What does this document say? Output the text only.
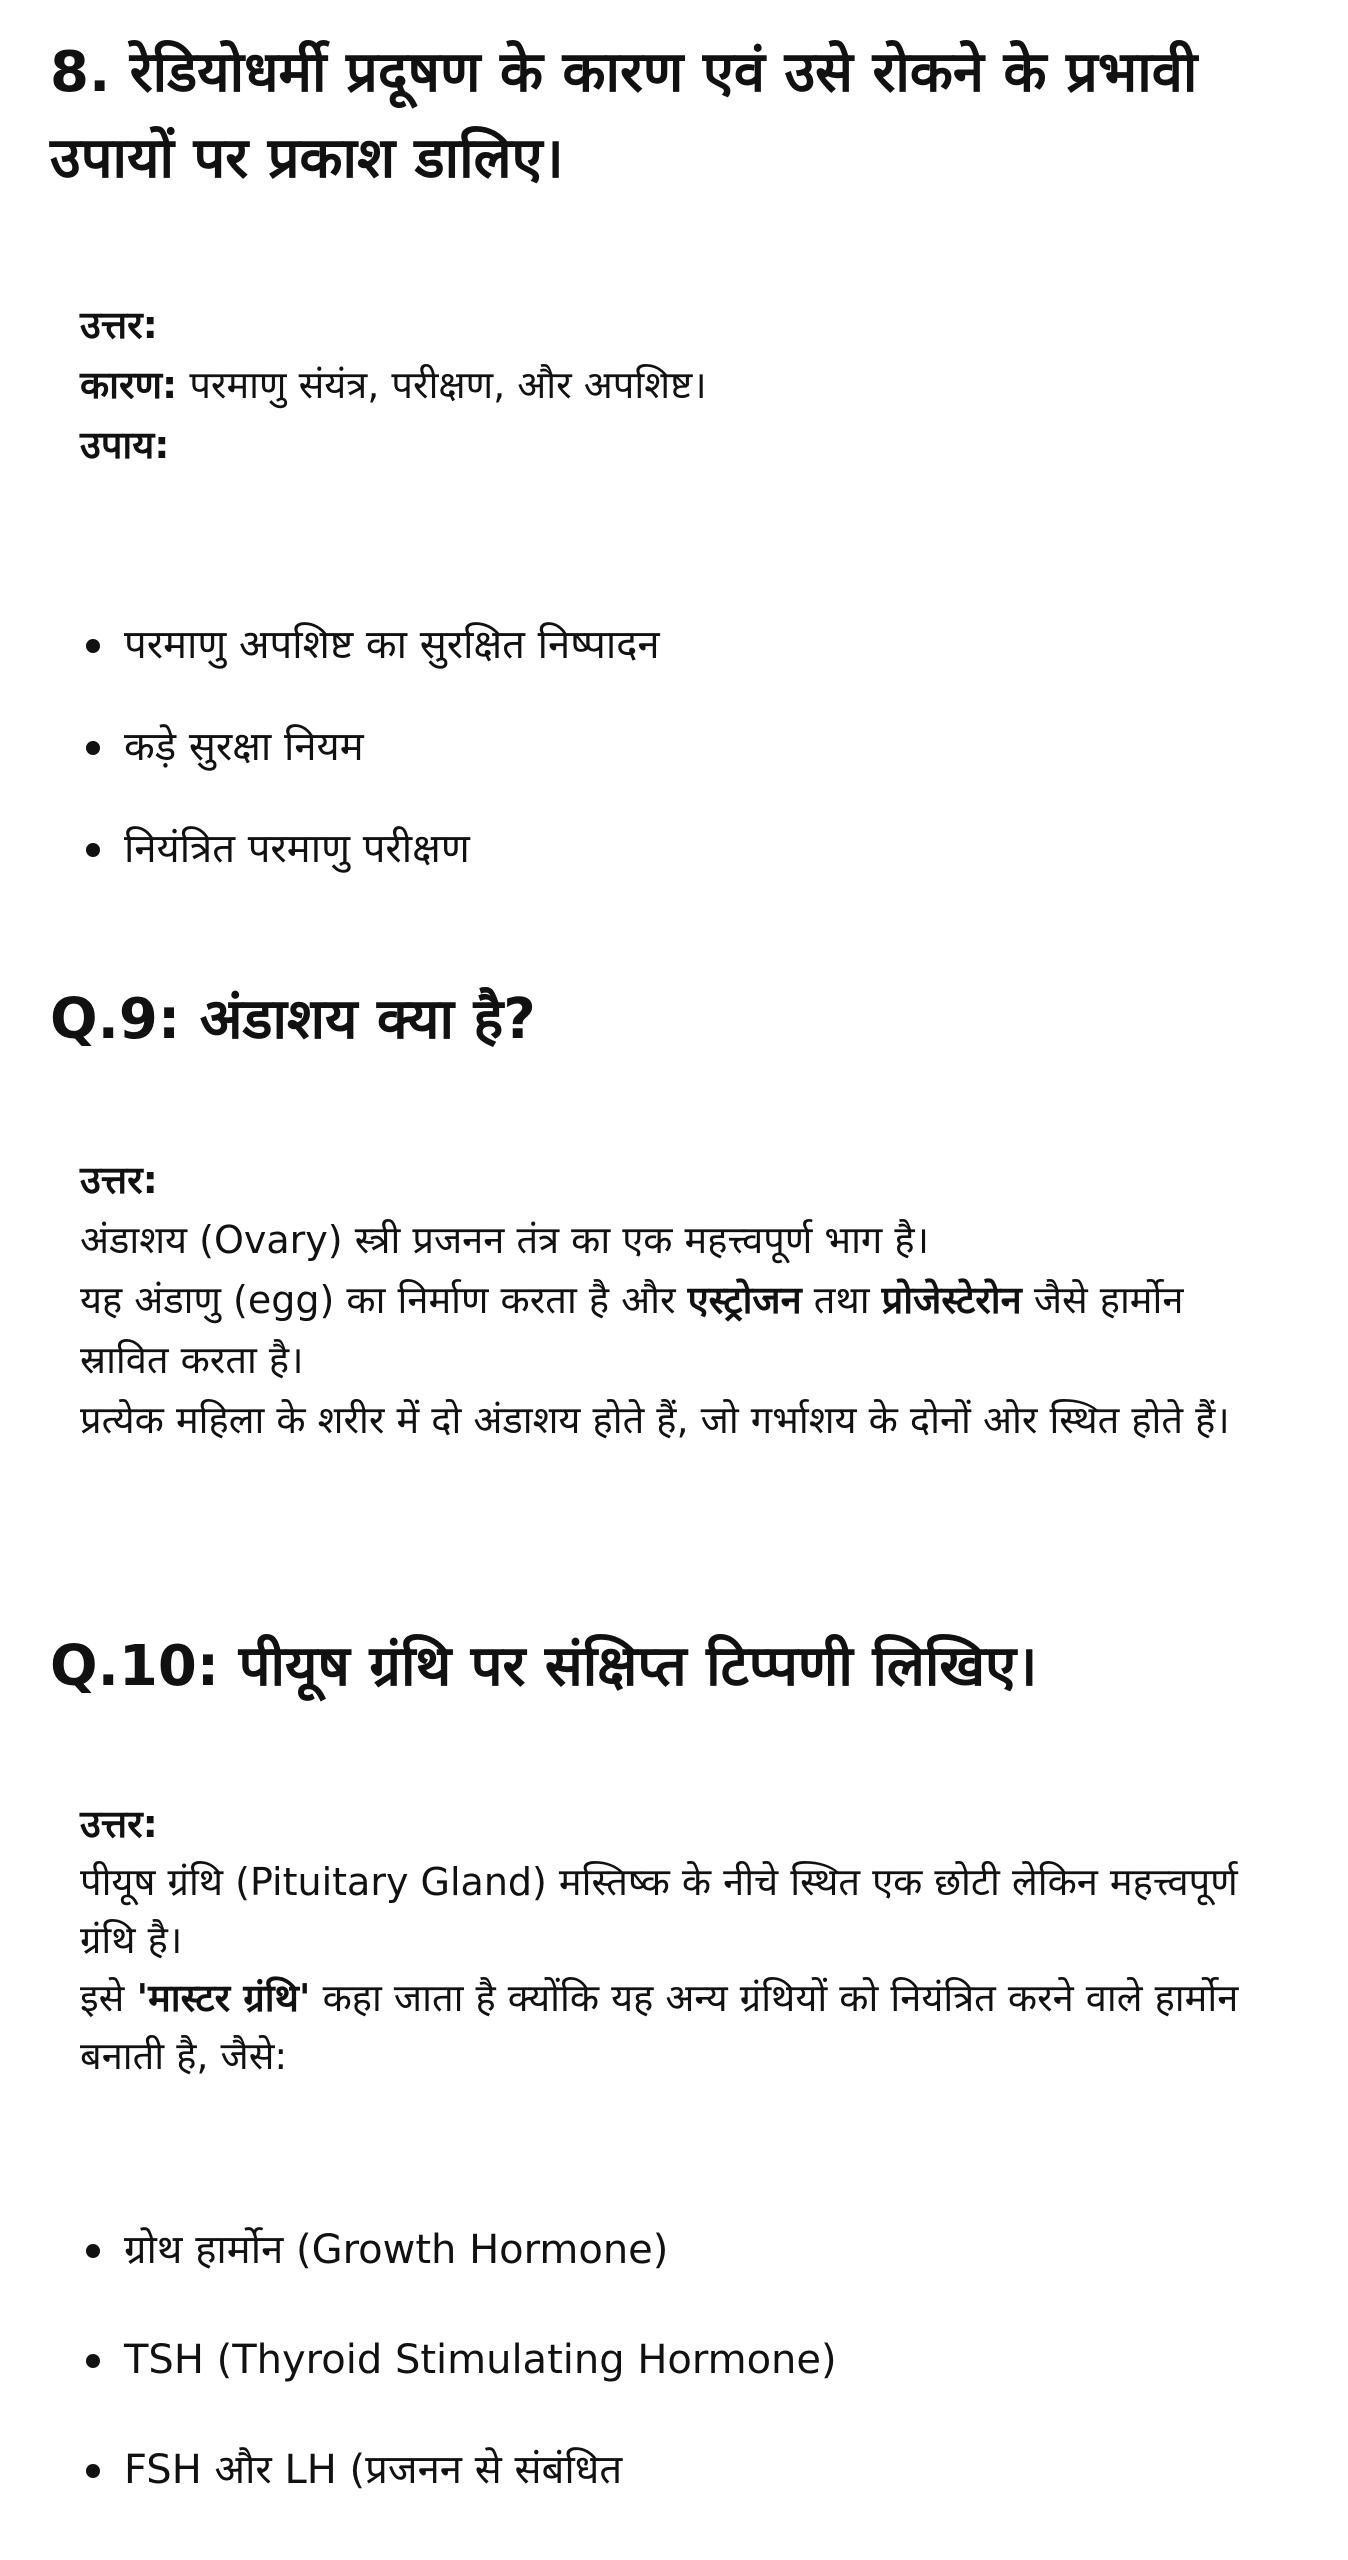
8. रेडियोधर्मी प्रदूषण के कारण एवं उसे रोकने के प्रभावी उपायों पर प्रकाश डालिए।

उत्तर:

कारण: परमाणु संयंत्र, परीक्षण, और अपशिष्ट।

उपाय:

परमाणु अपशिष्ट का सुरक्षित निष्पादन
कड़े सुरक्षा नियम
नियंत्रित परमाणु परीक्षण
Q.9: अंडाशय क्या है?

उत्तर:

अंडाशय (Ovary) स्त्री प्रजनन तंत्र का एक महत्त्वपूर्ण भाग है।

यह अंडाणु (egg) का निर्माण करता है और एस्ट्रोजन तथा प्रोजेस्टेरोन जैसे हार्मोन स्रावित करता है।

प्रत्येक महिला के शरीर में दो अंडाशय होते हैं, जो गर्भाशय के दोनों ओर स्थित होते हैं।

Q.10: पीयूष ग्रंथि पर संक्षिप्त टिप्पणी लिखिए।

उत्तर:

पीयूष ग्रंथि (Pituitary Gland) मस्तिष्क के नीचे स्थित एक छोटी लेकिन महत्त्वपूर्ण ग्रंथि है।

इसे 'मास्टर ग्रंथि' कहा जाता है क्योंकि यह अन्य ग्रंथियों को नियंत्रित करने वाले हार्मोन बनाती है, जैसे:

ग्रोथ हार्मोन (Growth Hormone)
TSH (Thyroid Stimulating Hormone)
FSH और LH (प्रजनन से संबंधित
